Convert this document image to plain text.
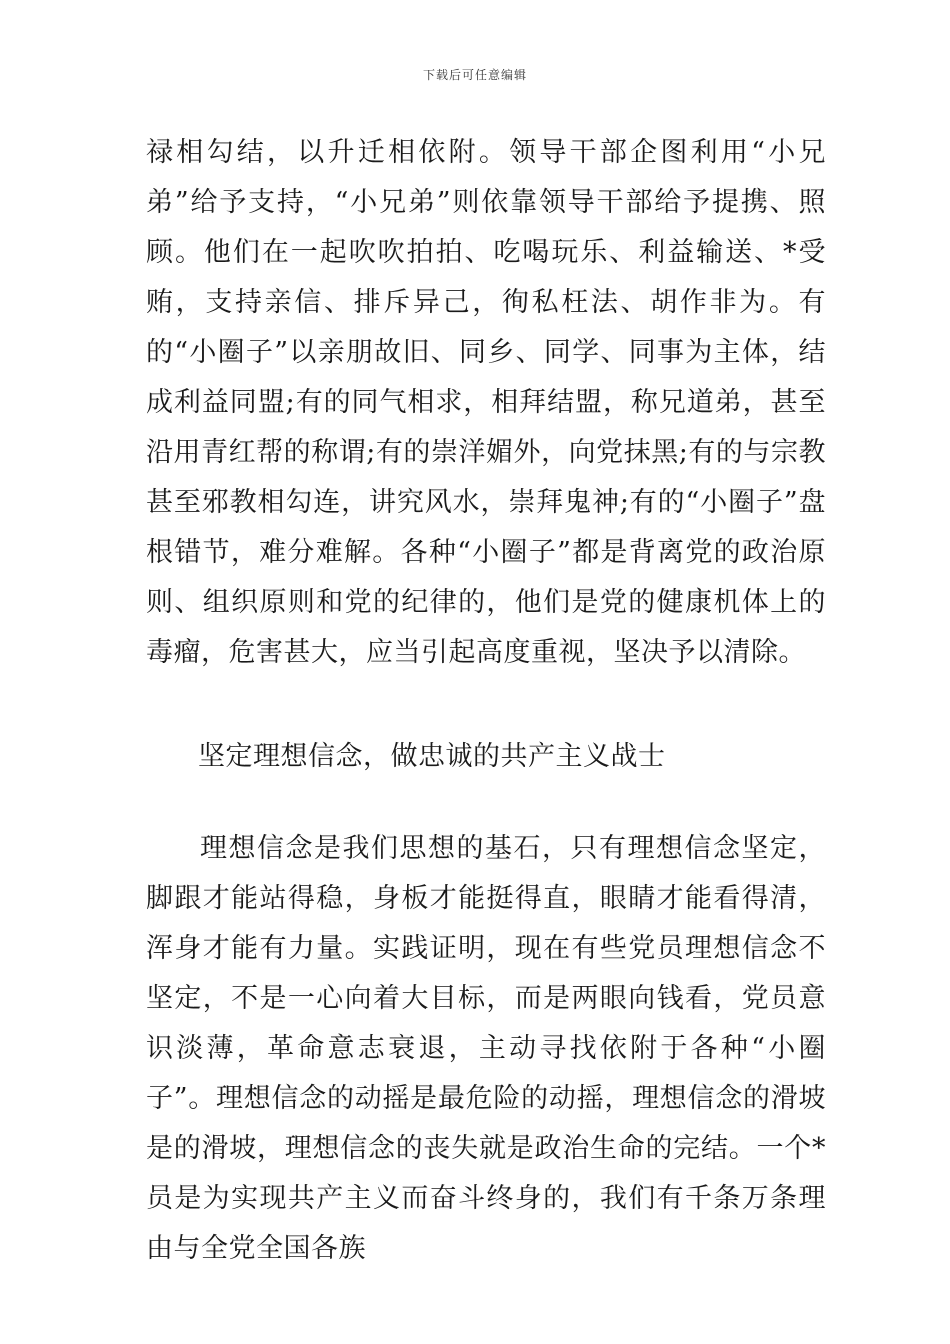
下载后可任意编辑
禄相勾结，以升迁相依附。领导干部企图利用“小兄弟”给予支持，“小兄弟”则依靠领导干部给予提携、照顾。他们在一起吹吹拍拍、吃喝玩乐、利益输送、*受贿，支持亲信、排斥异己，徇私枉法、胡作非为。有的“小圈子”以亲朋故旧、同乡、同学、同事为主体，结成利益同盟;有的同气相求，相拜结盟，称兄道弟，甚至沿用青红帮的称谓;有的崇洋媚外，向党抹黑;有的与宗教甚至邪教相勾连，讲究风水，崇拜鬼神;有的“小圈子”盘根错节，难分难解。各种“小圈子”都是背离党的政治原则、组织原则和党的纪律的，他们是党的健康机体上的毒瘤，危害甚大，应当引起高度重视，坚决予以清除。
坚定理想信念，做忠诚的共产主义战士
理想信念是我们思想的基石，只有理想信念坚定，脚跟才能站得稳，身板才能挺得直，眼睛才能看得清，浑身才能有力量。实践证明，现在有些党员理想信念不坚定，不是一心向着大目标，而是两眼向钱看，党员意识淡薄，革命意志衰退，主动寻找依附于各种“小圈子”。理想信念的动摇是最危险的动摇，理想信念的滑坡是的滑坡，理想信念的丧失就是政治生命的完结。一个*员是为实现共产主义而奋斗终身的，我们有千条万条理由与全党全国各族
